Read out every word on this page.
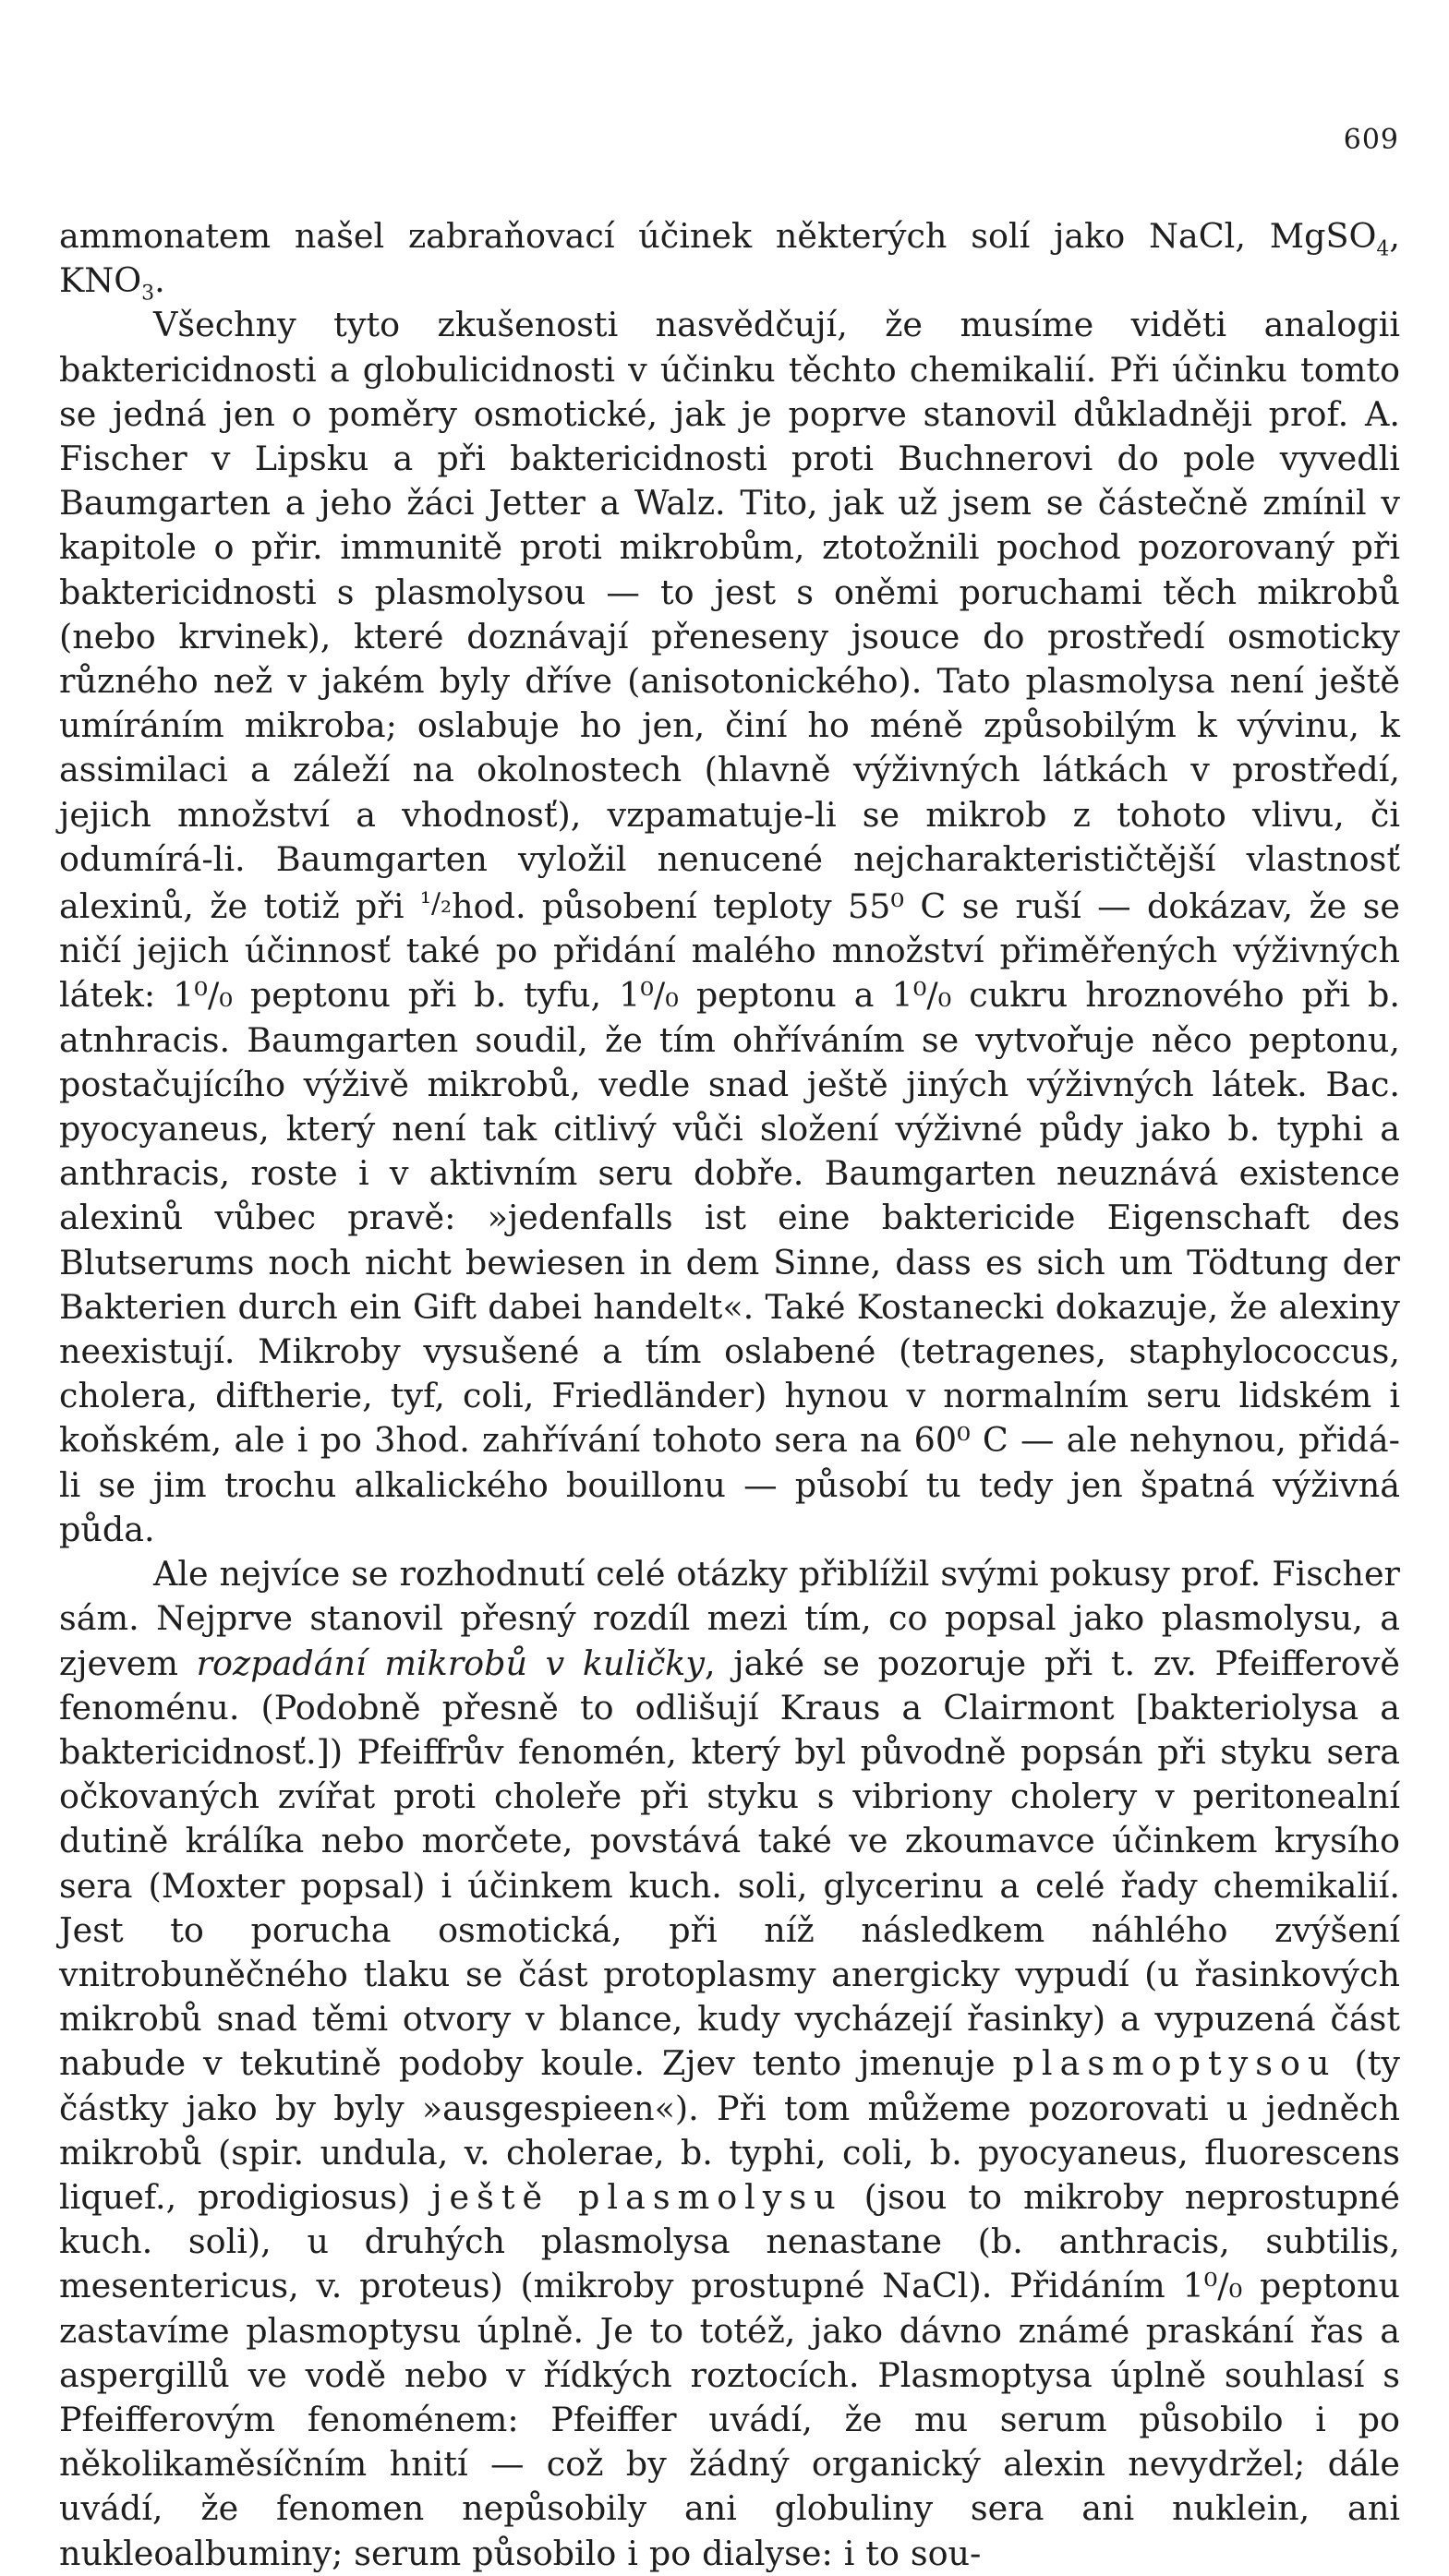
609

ammonatem našel zabraňovací účinek některých solí jako NaCl, MgSO$_4$, $KNO_3$.

Všechny tyto zkušenosti nasvědčují, že musíme viděti analogii baktericidnosti a globulicidnosti v účinku těchto chemikalií. Při účinku tomto se jedná jen o poměry osmotické, jak je poprve stanovil důkladněji prof. A. Fischer v Lipsku a při baktericidnosti proti Buchnerovi do pole vyvedli Baumgarten a jeho žáci Jetter a Walz. Tito, jak už jsem se částečně zmínil v kapitole o přir. immunitě proti mikrobům, ztotožnili pochod pozorovaný při baktericidnosti s plasmolysou — to jest s oněmi poruchami těch mikrobů (nebo krvinek), které doznávají přeneseny jsouce do prostředí osmoticky různého než v jakém byly dříve (anisotonického). Tato plasmolysa není ještě umíráním mikroba; oslabuje ho jen, činí ho méně způsobilým k vývinu, k assimilaci a záleží na okolnostech (hlavně výživných látkách v prostředí, jejich množství a vhodnosť), vzpamatuje-li se mikrob z tohoto vlivu, či odumírá-li. Baumgarten vyložil nenucené nejcharakterističtější vlastnosť alexinů, že totiž při ¹/₂hod. působení teploty 55⁰ C se ruší — dokázav, že se ničí jejich účinnosť také po přidání malého množství přiměřených výživných látek: 1⁰/₀ peptonu při b. tyfu, 1⁰/₀ peptonu a 1⁰/₀ cukru hroznového při b. atnhracis. Baumgarten soudil, že tím ohříváním se vytvořuje něco peptonu, postačujícího výživě mikrobů, vedle snad ještě jiných výživných látek. Bac. pyocyaneus, který není tak citlivý vůči složení výživné půdy jako b. typhi a anthracis, roste i v aktivním seru dobře. Baumgarten neuznává existence alexinů vůbec pravě: »jedenfalls ist eine baktericide Eigenschaft des Blutserums noch nicht bewiesen in dem Sinne, dass es sich um Tödtung der Bakterien durch ein Gift dabei handelt«. Také Kostanecki dokazuje, že alexiny neexistují. Mikroby vysušené a tím oslabené (tetragenes, staphylococcus, cholera, diftherie, tyf, coli, Friedländer) hynou v normalním seru lidském i koňském, ale i po 3hod. zahřívání tohoto sera na 60⁰ C — ale nehynou, přidá-li se jim trochu alkalického bouillonu — působí tu tedy jen špatná výživná půda.

Ale nejvíce se rozhodnutí celé otázky přiblížil svými pokusy prof. Fischer sám. Nejprve stanovil přesný rozdíl mezi tím, co popsal jako plasmolysu, a zjevem rozpadání mikrobů v kuličky, jaké se pozoruje při t. zv. Pfeifferově fenoménu. (Podobně přesně to odlišují Kraus a Clairmont [bakteriolysa a baktericidnosť.]) Pfeiffrův fenomén, který byl původně popsán při styku sera očkovaných zvířat proti choleře při styku s vibriony cholery v peritonealní dutině králíka nebo morčete, povstává také ve zkoumavce účinkem krysího sera (Moxter popsal) i účinkem kuch. soli, glycerinu a celé řady chemikalií. Jest to porucha osmotická, při níž následkem náhlého zvýšení vnitrobuněčného tlaku se část protoplasmy anergicky vypudí (u řasinkových mikrobů snad těmi otvory v blance, kudy vycházejí řasinky) a vypuzená část nabude v tekutině podoby koule. Zjev tento jmenuje plasmoptysou (ty částky jako by byly »ausgespieen«). Při tom můžeme pozorovati u jedněch mikrobů (spir. undula, v. cholerae, b. typhi, coli, b. pyocyaneus, fluorescens liquef., prodigiosus) ještě plasmolysu (jsou to mikroby neprostupné kuch. soli), u druhých plasmolysa nenastane (b. anthracis, subtilis, mesentericus, v. proteus) (mikroby prostupné NaCl). Přidáním 1⁰/₀ peptonu zastavíme plasmoptysu úplně. Je to totéž, jako dávno známé praskání řas a aspergillů ve vodě nebo v řídkých roztocích. Plasmoptysa úplně souhlasí s Pfeifferovým fenoménem: Pfeiffer uvádí, že mu serum působilo i po několikaměsíčním hnití — což by žádný organický alexin nevydržel; dále uvádí, že fenomen nepůsobily ani globuliny sera ani nuklein, ani nukleoalbuminy; serum působilo i po dialyse: i to sou-
